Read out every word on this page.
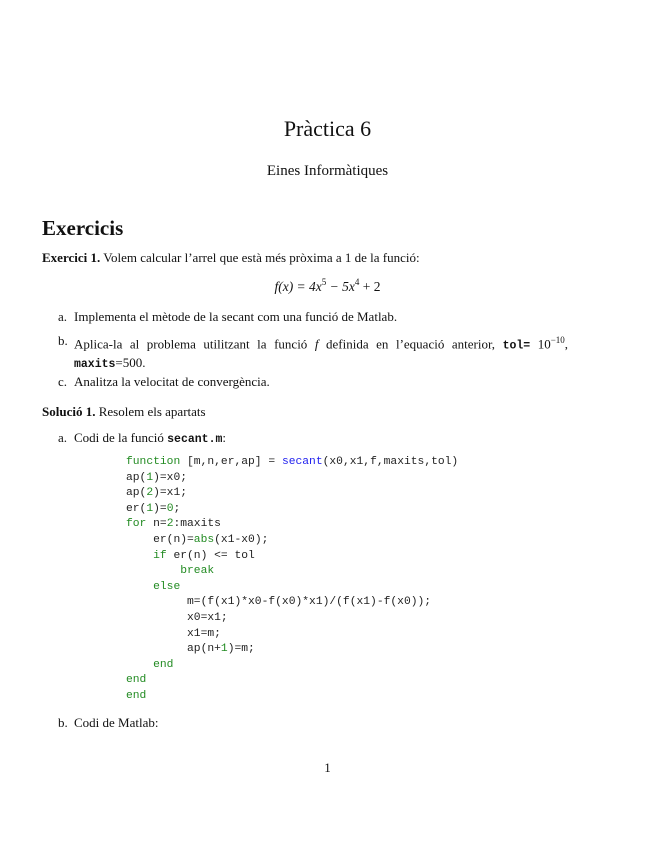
Pràctica 6
Eines Informàtiques
Exercicis
Exercici 1. Volem calcular l’arrel que està més pròxima a 1 de la funció:
$f(x) = 4x^5 - 5x^4 + 2$
a. Implementa el mètode de la secant com una funció de Matlab.
b. Aplica-la al problema utilitzant la funció f definida en l’equació anterior, $tol= 10^{-10}$, maxits=500.
c. Analitza la velocitat de convergència.
Solució 1. Resolem els apartats
a. Codi de la funció secant.m:
function [m,n,er,ap] = secant(x0,x1,f,maxits,tol)
ap(1)=x0;
ap(2)=x1;
er(1)=0;
for n=2:maxits
er(n)=abs(x1-x0);
if er(n) <= tol
break
else
m=(f(x1)*x0-f(x0)*x1)/(f(x1)-f(x0));
x0=x1;
x1=m;
ap(n+1)=m;
end
end
end
b. Codi de Matlab:
1
